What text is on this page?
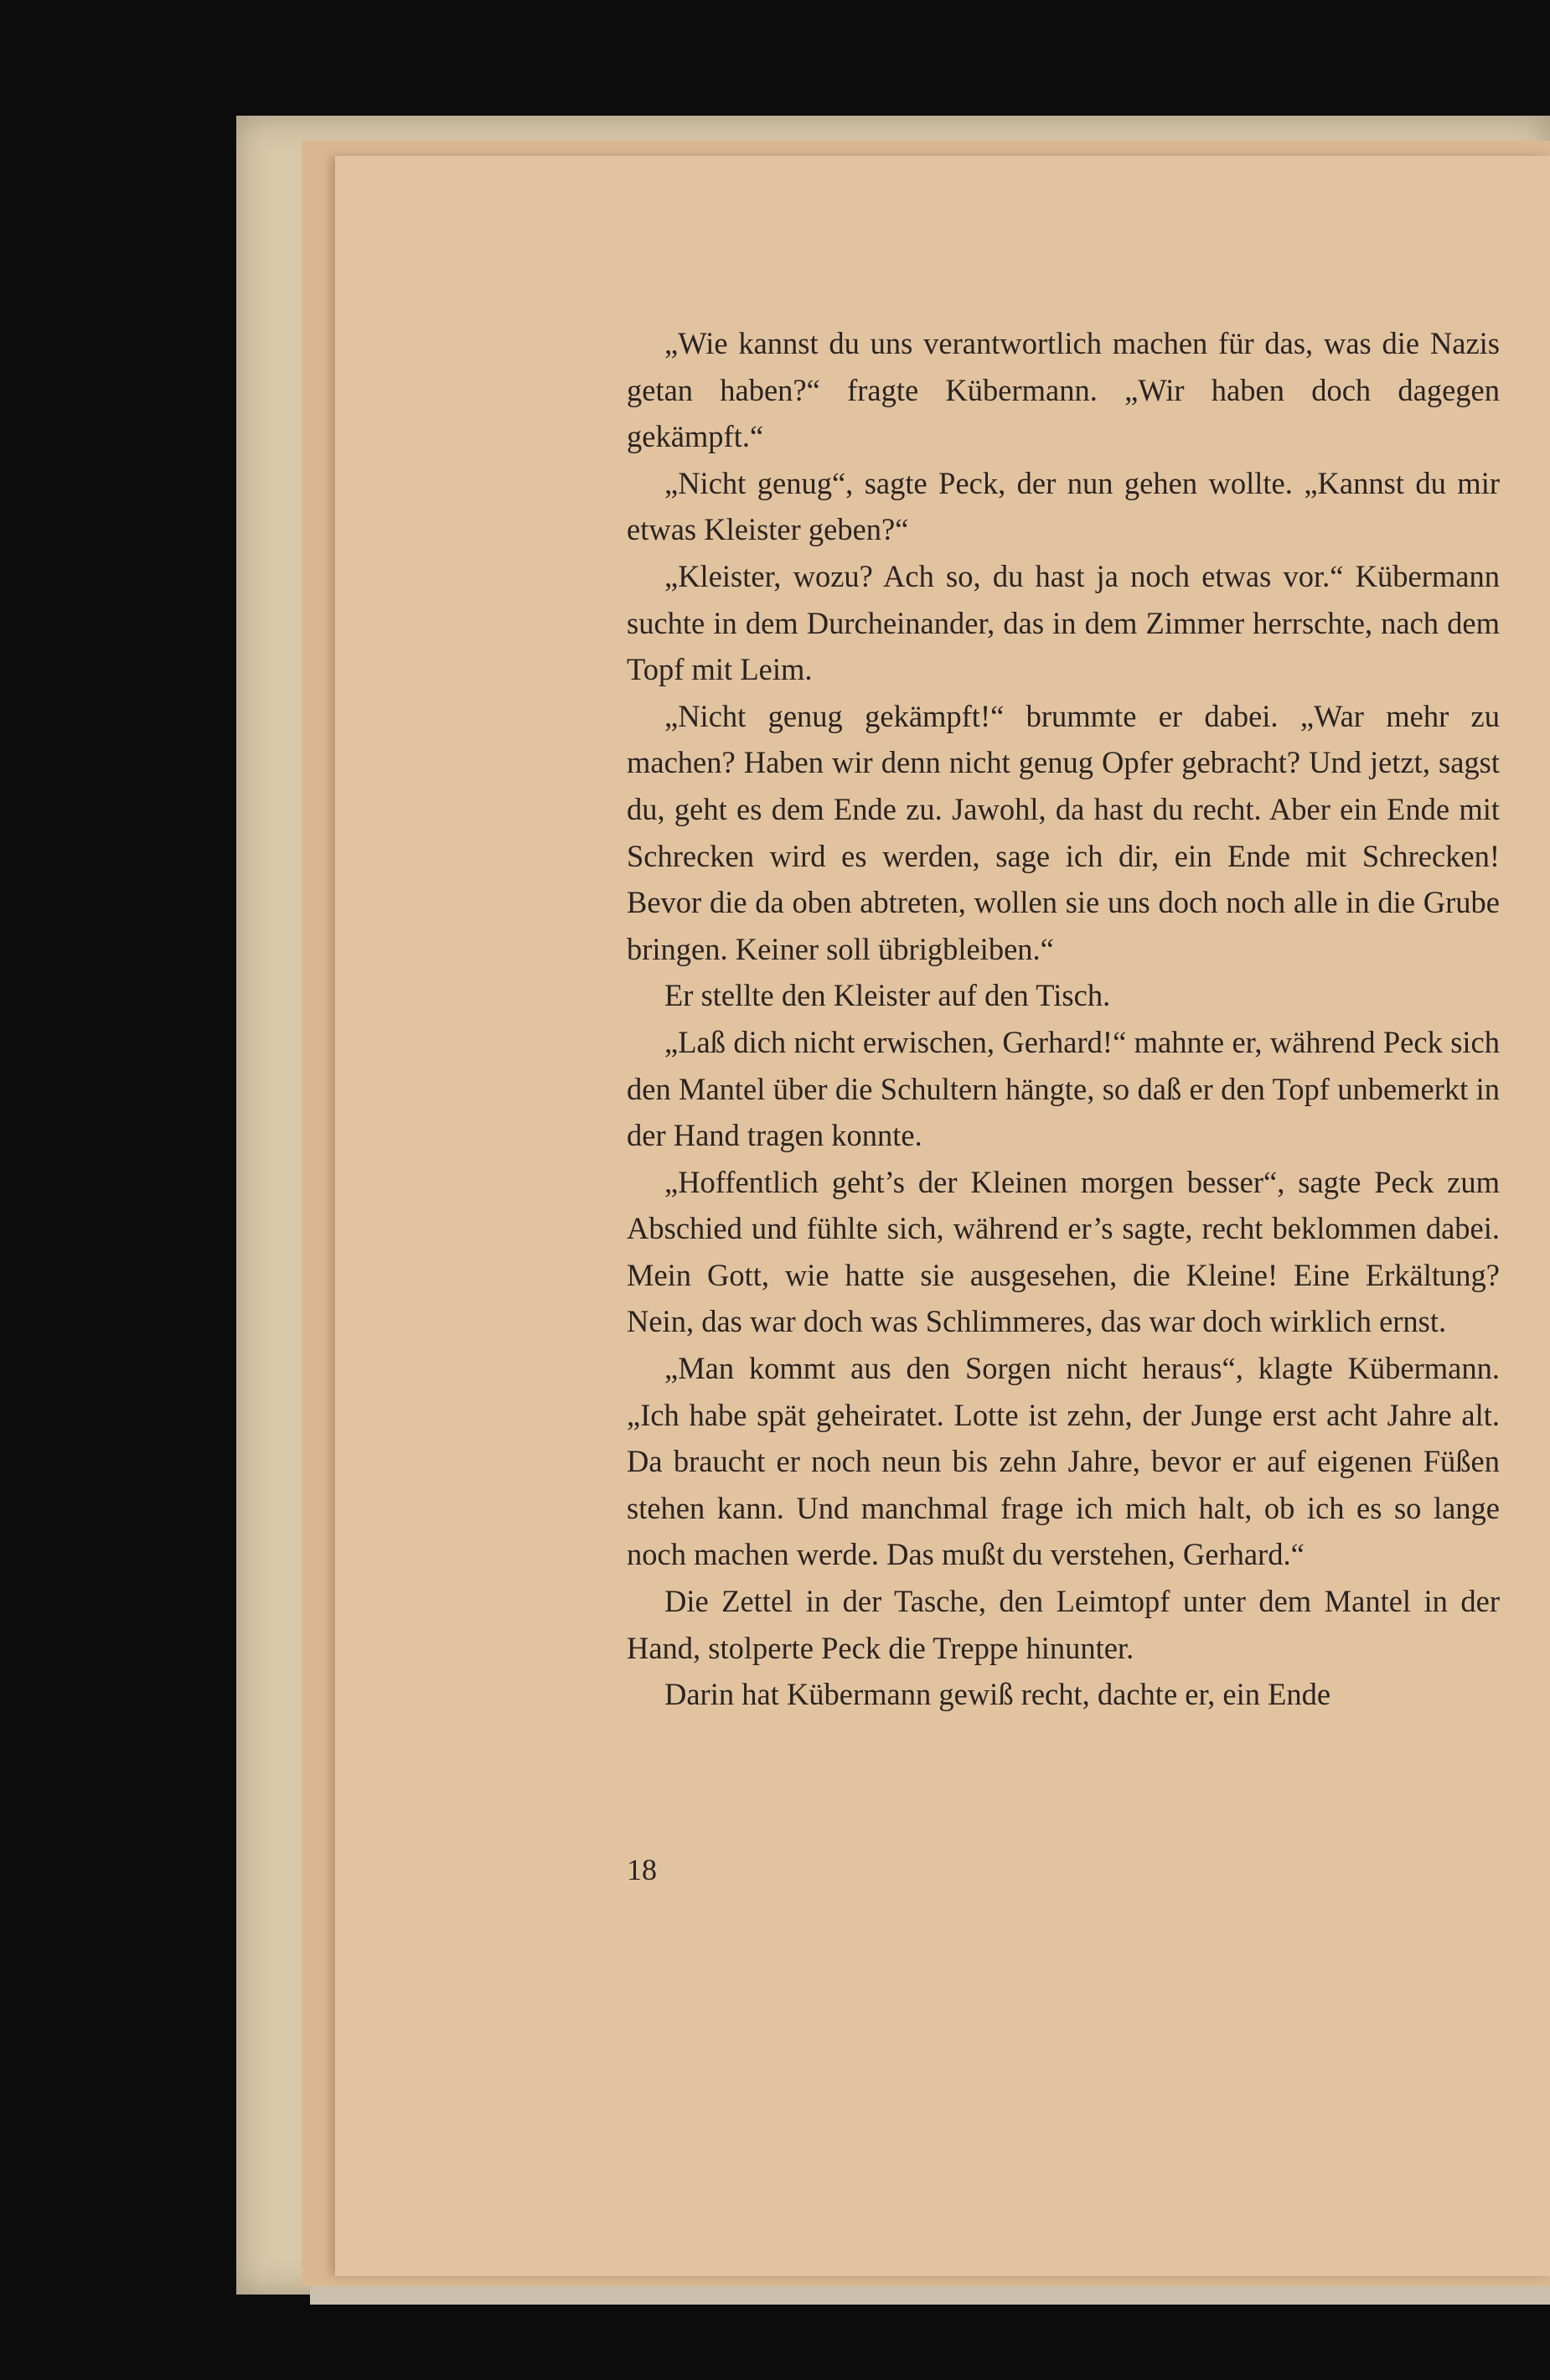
„Wie kannst du uns verantwortlich machen für das, was die Nazis getan haben?“ fragte Kübermann. „Wir haben doch dagegen gekämpft.“

„Nicht genug“, sagte Peck, der nun gehen wollte. „Kannst du mir etwas Kleister geben?“

„Kleister, wozu? Ach so, du hast ja noch etwas vor.“ Kübermann suchte in dem Durcheinander, das in dem Zimmer herrschte, nach dem Topf mit Leim.

„Nicht genug gekämpft!“ brummte er dabei. „War mehr zu machen? Haben wir denn nicht genug Opfer gebracht? Und jetzt, sagst du, geht es dem Ende zu. Jawohl, da hast du recht. Aber ein Ende mit Schrecken wird es werden, sage ich dir, ein Ende mit Schrecken! Bevor die da oben abtreten, wollen sie uns doch noch alle in die Grube bringen. Keiner soll übrigbleiben.“

Er stellte den Kleister auf den Tisch.

„Laß dich nicht erwischen, Gerhard!“ mahnte er, während Peck sich den Mantel über die Schultern hängte, so daß er den Topf unbemerkt in der Hand tragen konnte.

„Hoffentlich geht’s der Kleinen morgen besser“, sagte Peck zum Abschied und fühlte sich, während er’s sagte, recht beklommen dabei. Mein Gott, wie hatte sie ausgesehen, die Kleine! Eine Erkältung? Nein, das war doch was Schlimmeres, das war doch wirklich ernst.

„Man kommt aus den Sorgen nicht heraus“, klagte Kübermann. „Ich habe spät geheiratet. Lotte ist zehn, der Junge erst acht Jahre alt. Da braucht er noch neun bis zehn Jahre, bevor er auf eigenen Füßen stehen kann. Und manchmal frage ich mich halt, ob ich es so lange noch machen werde. Das mußt du verstehen, Gerhard.“

Die Zettel in der Tasche, den Leimtopf unter dem Mantel in der Hand, stolperte Peck die Treppe hinunter.

Darin hat Kübermann gewiß recht, dachte er, ein Ende

18
